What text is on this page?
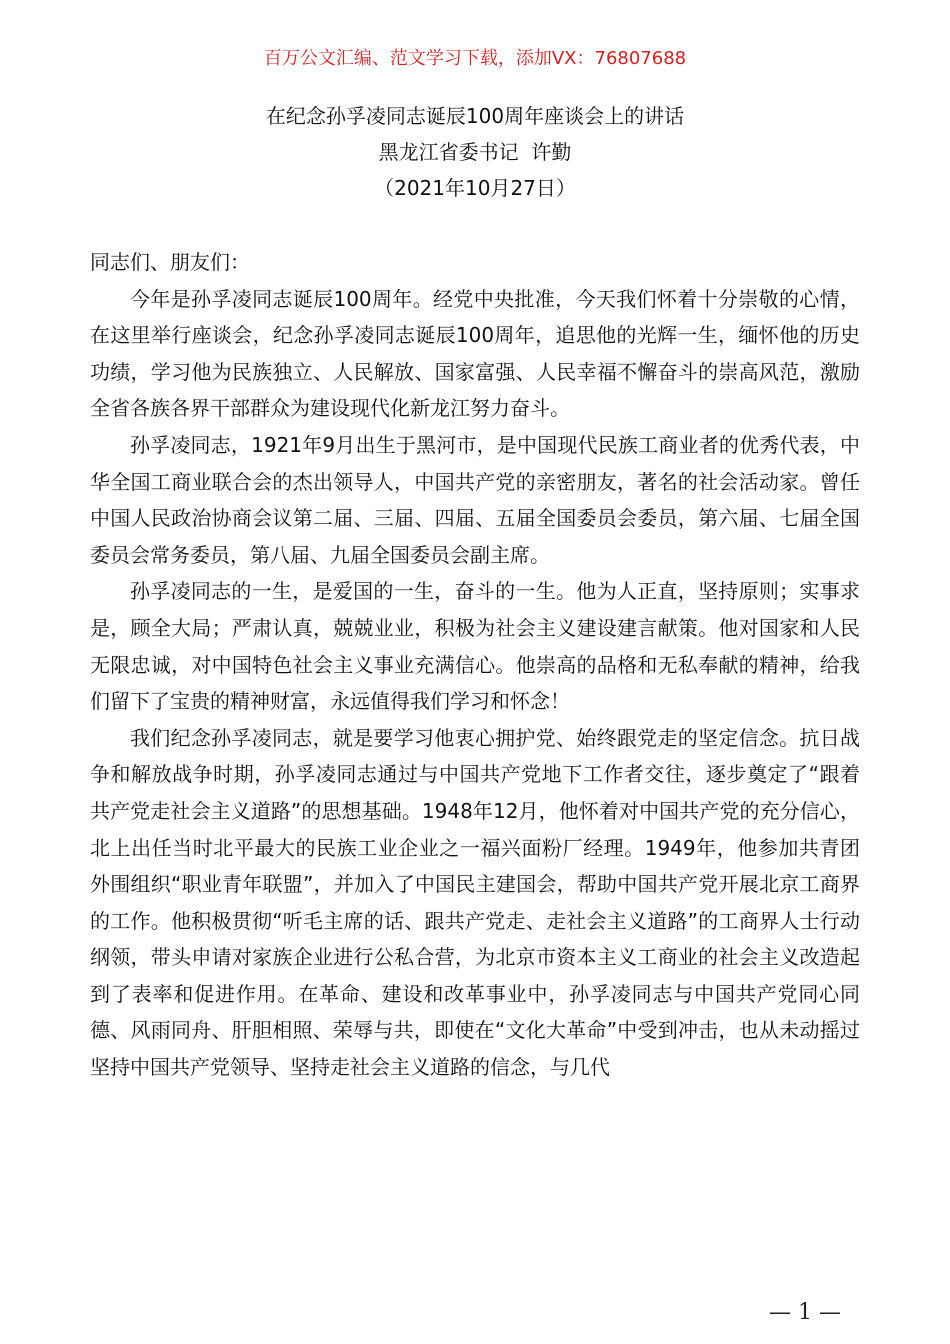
百万公文汇编、范文学习下载，添加VX：76807688
在纪念孙孚凌同志诞辰100周年座谈会上的讲话
黑龙江省委书记  许勤
（2021年10月27日）

同志们、朋友们：

今年是孙孚凌同志诞辰100周年。经党中央批准，今天我们怀着十分崇敬的心情，在这里举行座谈会，纪念孙孚凌同志诞辰100周年，追思他的光辉一生，缅怀他的历史功绩，学习他为民族独立、人民解放、国家富强、人民幸福不懈奋斗的崇高风范，激励全省各族各界干部群众为建设现代化新龙江努力奋斗。

孙孚凌同志，1921年9月出生于黑河市，是中国现代民族工商业者的优秀代表，中华全国工商业联合会的杰出领导人，中国共产党的亲密朋友，著名的社会活动家。曾任中国人民政治协商会议第二届、三届、四届、五届全国委员会委员，第六届、七届全国委员会常务委员，第八届、九届全国委员会副主席。

孙孚凌同志的一生，是爱国的一生，奋斗的一生。他为人正直，坚持原则；实事求是，顾全大局；严肃认真，兢兢业业，积极为社会主义建设建言献策。他对国家和人民无限忠诚，对中国特色社会主义事业充满信心。他崇高的品格和无私奉献的精神，给我们留下了宝贵的精神财富，永远值得我们学习和怀念！

我们纪念孙孚凌同志，就是要学习他衷心拥护党、始终跟党走的坚定信念。抗日战争和解放战争时期，孙孚凌同志通过与中国共产党地下工作者交往，逐步奠定了“跟着共产党走社会主义道路”的思想基础。1948年12月，他怀着对中国共产党的充分信心，北上出任当时北平最大的民族工业企业之一福兴面粉厂经理。1949年，他参加共青团外围组织“职业青年联盟”，并加入了中国民主建国会，帮助中国共产党开展北京工商界的工作。他积极贯彻“听毛主席的话、跟共产党走、走社会主义道路”的工商界人士行动纲领，带头申请对家族企业进行公私合营，为北京市资本主义工商业的社会主义改造起到了表率和促进作用。在革命、建设和改革事业中，孙孚凌同志与中国共产党同心同德、风雨同舟、肝胆相照、荣辱与共，即使在“文化大革命”中受到冲击，也从未动摇过坚持中国共产党领导、坚持走社会主义道路的信念，与几代

— 1 —
